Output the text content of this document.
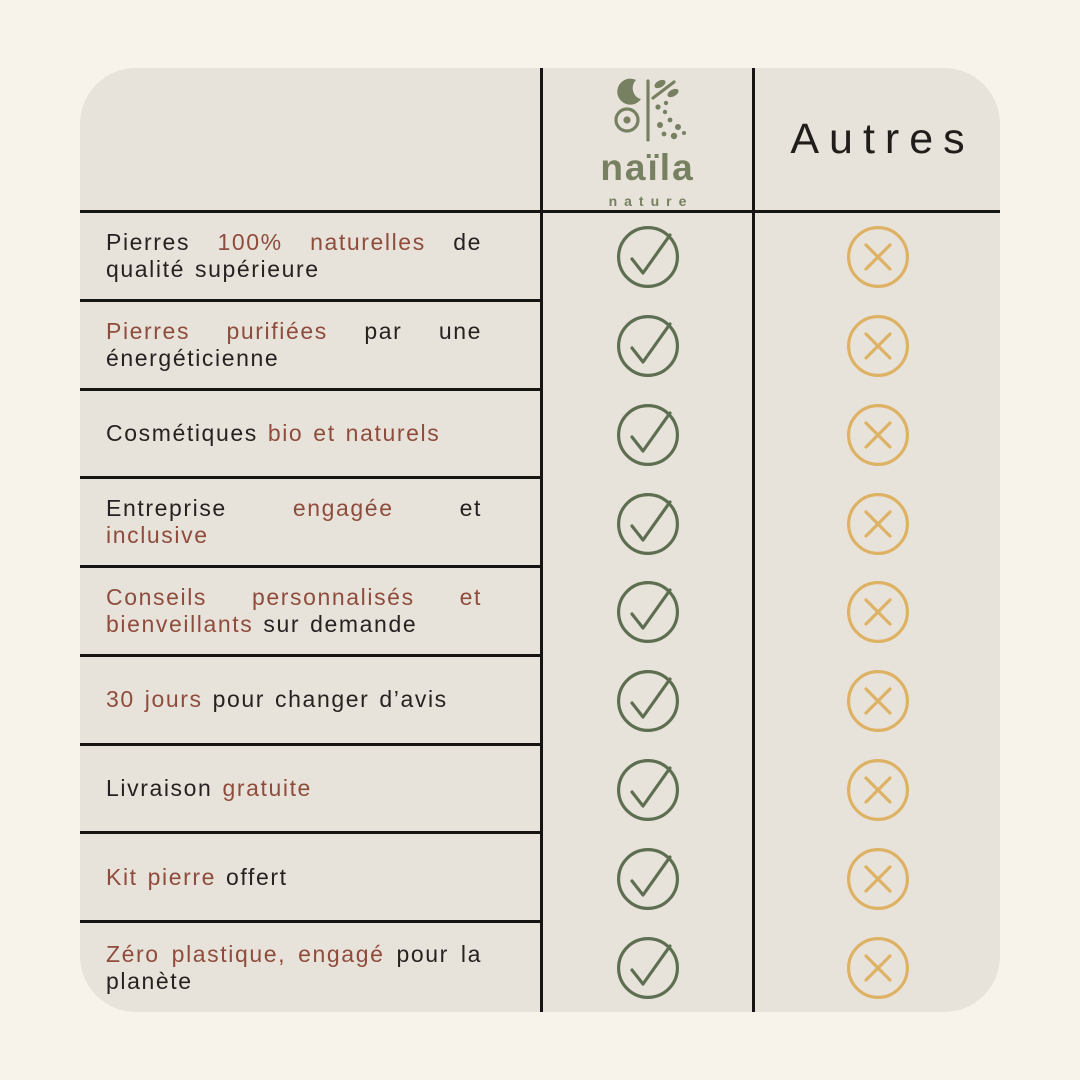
naïla
nature
Autres
Pierres 100% naturelles de qualité supérieure
Pierres purifiées par une énergéticienne
Cosmétiques bio et naturels
Entreprise engagée et inclusive
Conseils personnalisés et bienveillants sur demande
30 jours pour changer d’avis
Livraison gratuite
Kit pierre offert
Zéro plastique, engagé pour la planète
